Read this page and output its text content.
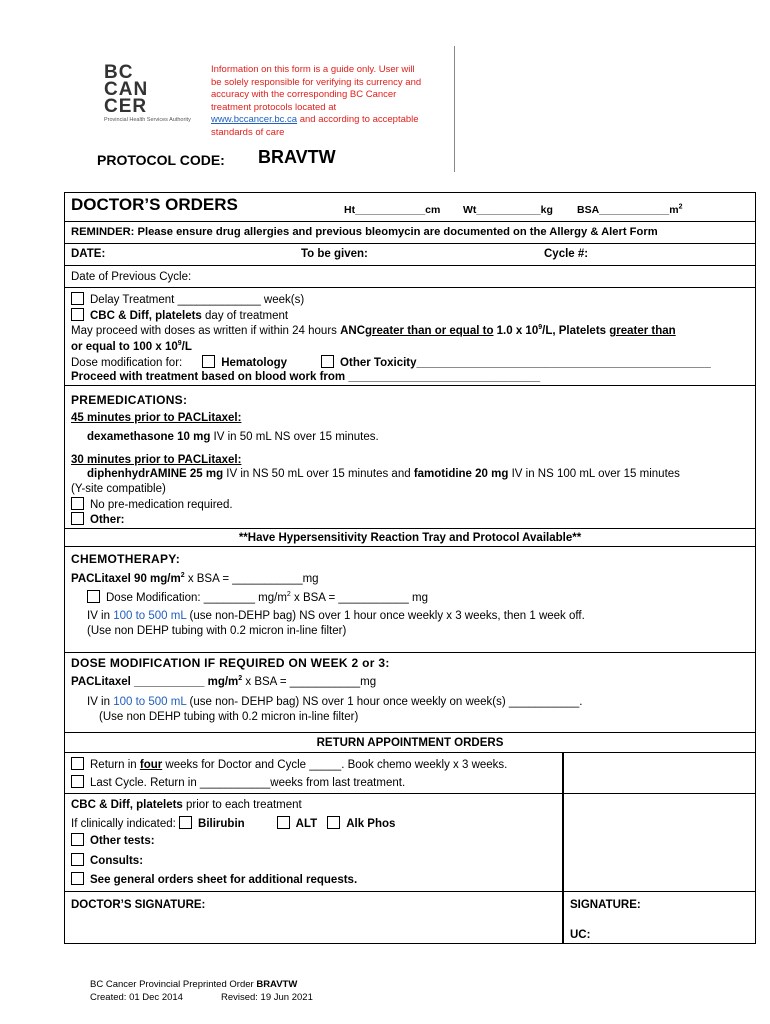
BC
CAN
CER
Provincial Health Services Authority
Information on this form is a guide only. User will
be solely responsible for verifying its currency and
accuracy with the corresponding BC Cancer
treatment protocols located at
www.bccancer.bc.ca and according to acceptable
standards of care
PROTOCOL CODE: BRAVTW
DOCTOR’S ORDERS	Ht____________cm Wt___________kg $BSA\_\_\_\_\_\_\_\_\_\_\_\_m^2$
REMINDER: Please ensure drug allergies and previous bleomycin are documented on the Allergy & Alert Form
DATE:	To be given:	Cycle #:
Date of Previous Cycle:
Delay Treatment _____________ week(s)
CBC & Diff, platelets day of treatment
May proceed with doses as written if within 24 hours ANCgreater than or equal to 1.0 x $10^9/L$, Platelets greater than
or equal to 100 x $10^9/L$
Dose modification for:	Hematology	Other Toxicity______________________________________________
Proceed with treatment based on blood work from ______________________________
PREMEDICATIONS:
45 minutes prior to PACLitaxel:
dexamethasone 10 mg IV in 50 mL NS over 15 minutes.
30 minutes prior to PACLitaxel:
diphenhydrAMINE 25 mg IV in NS 50 mL over 15 minutes and famotidine 20 mg IV in NS 100 mL over 15 minutes
(Y-site compatible)
No pre-medication required.
Other:
**Have Hypersensitivity Reaction Tray and Protocol Available**
CHEMOTHERAPY:
PACLitaxel 90 $mg/m^2$ x BSA = ___________mg
Dose Modification: ________ $mg/m^2$ x BSA = ___________ mg
IV in 100 to 500 mL (use non-DEHP bag) NS over 1 hour once weekly x 3 weeks, then 1 week off.
(Use non DEHP tubing with 0.2 micron in-line filter)
DOSE MODIFICATION IF REQUIRED ON WEEK 2 or 3:
PACLitaxel ___________ $mg/m^2$ x BSA = ___________mg
IV in 100 to 500 mL (use non- DEHP bag) NS over 1 hour once weekly on week(s) ___________.
(Use non DEHP tubing with 0.2 micron in-line filter)
RETURN APPOINTMENT ORDERS
Return in four weeks for Doctor and Cycle _____. Book chemo weekly x 3 weeks.
Last Cycle. Return in ___________weeks from last treatment.
CBC & Diff, platelets prior to each treatment
If clinically indicated: Bilirubin	ALT	Alk Phos
Other tests:
Consults:
See general orders sheet for additional requests.
DOCTOR’S SIGNATURE:	SIGNATURE:
UC:
BC Cancer Provincial Preprinted Order BRAVTW
Created: 01 Dec 2014	Revised: 19 Jun 2021
